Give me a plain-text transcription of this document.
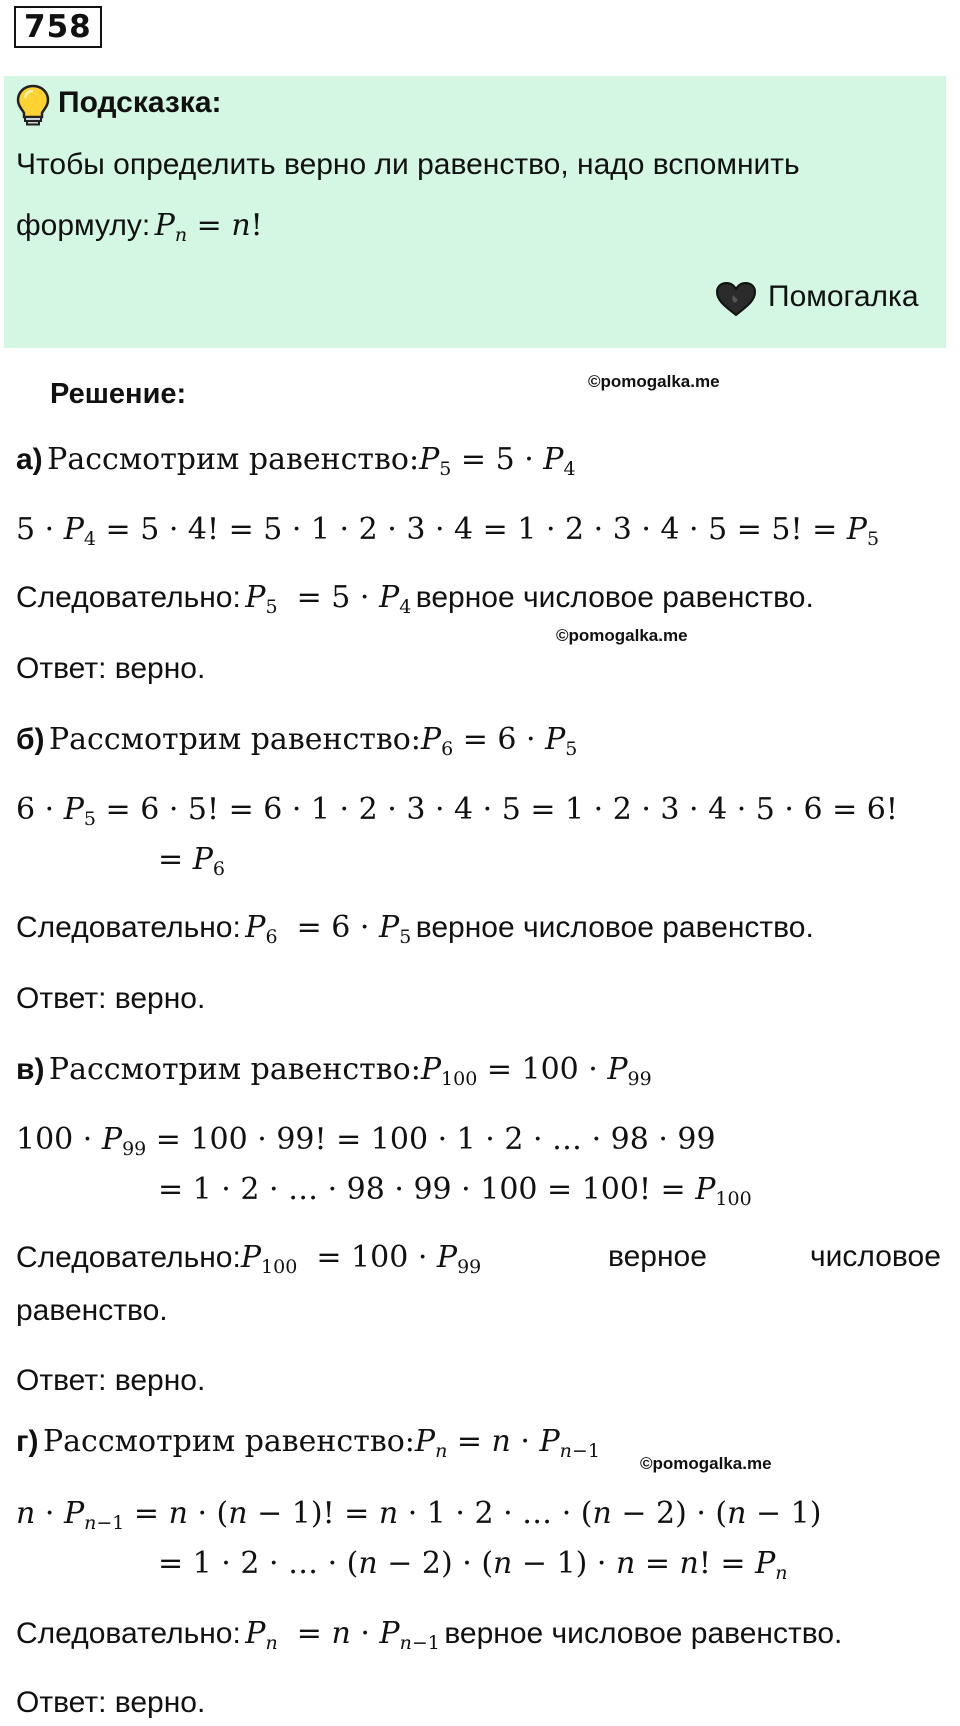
758
Подсказка:
Чтобы определить верно ли равенство, надо вспомнить
формулу: $P_n = n$!
Помогалка
Решение:	©pomogalka.me
а) Рассмотрим $равенство:P_5 = 5 \cdot P_4$
$5 \cdot P_4 = 5 \cdot 4$! = 5 · 1 · 2 · 3 · 4 = 1 · 2 · 3 · 4 · 5 = 5! = $P_5$
Следовательно: $P_5 = 5 \cdot P_4$ верное числовое равенство.
©pomogalka.me
Ответ: верно.
б) Рассмотрим $равенство:P_6 = 6 \cdot P_5$
$6 \cdot P_5 = 6 \cdot 5$! = 6 · 1 · 2 · 3 · 4 · 5 = 1 · 2 · 3 · 4 · 5 · 6 = 6!
= $P_6$
Следовательно: $P_6 = 6 \cdot P_5$ верное числовое равенство.
Ответ: верно.
в) Рассмотрим $равенство:P_{100} = 100 \cdot P_{99}$
$100 \cdot P_{99} = 100 \cdot 99$! = 100 · 1 · 2 · … · 98 · 99
= 1 · 2 · … · 98 · 99 · 100 = 100! = $P_{100}$
$Следовательно:P_{100} = 100 \cdot P_{99}$	верное	числовое
равенство.
Ответ: верно.
г) Рассмотрим $равенство:P_n = n \cdot P_{n-1}$
©pomogalka.me
$n \cdot P_{n-1} = n \cdot (n - 1)$! = n · 1 · 2 · … · (n − 2) · (n − 1)
= 1 · 2 · … · (n − 2) · (n − 1) · n = n! = $P_n$
Следовательно: $P_n = n \cdot P_{n-1}$ верное числовое равенство.
Ответ: верно.
